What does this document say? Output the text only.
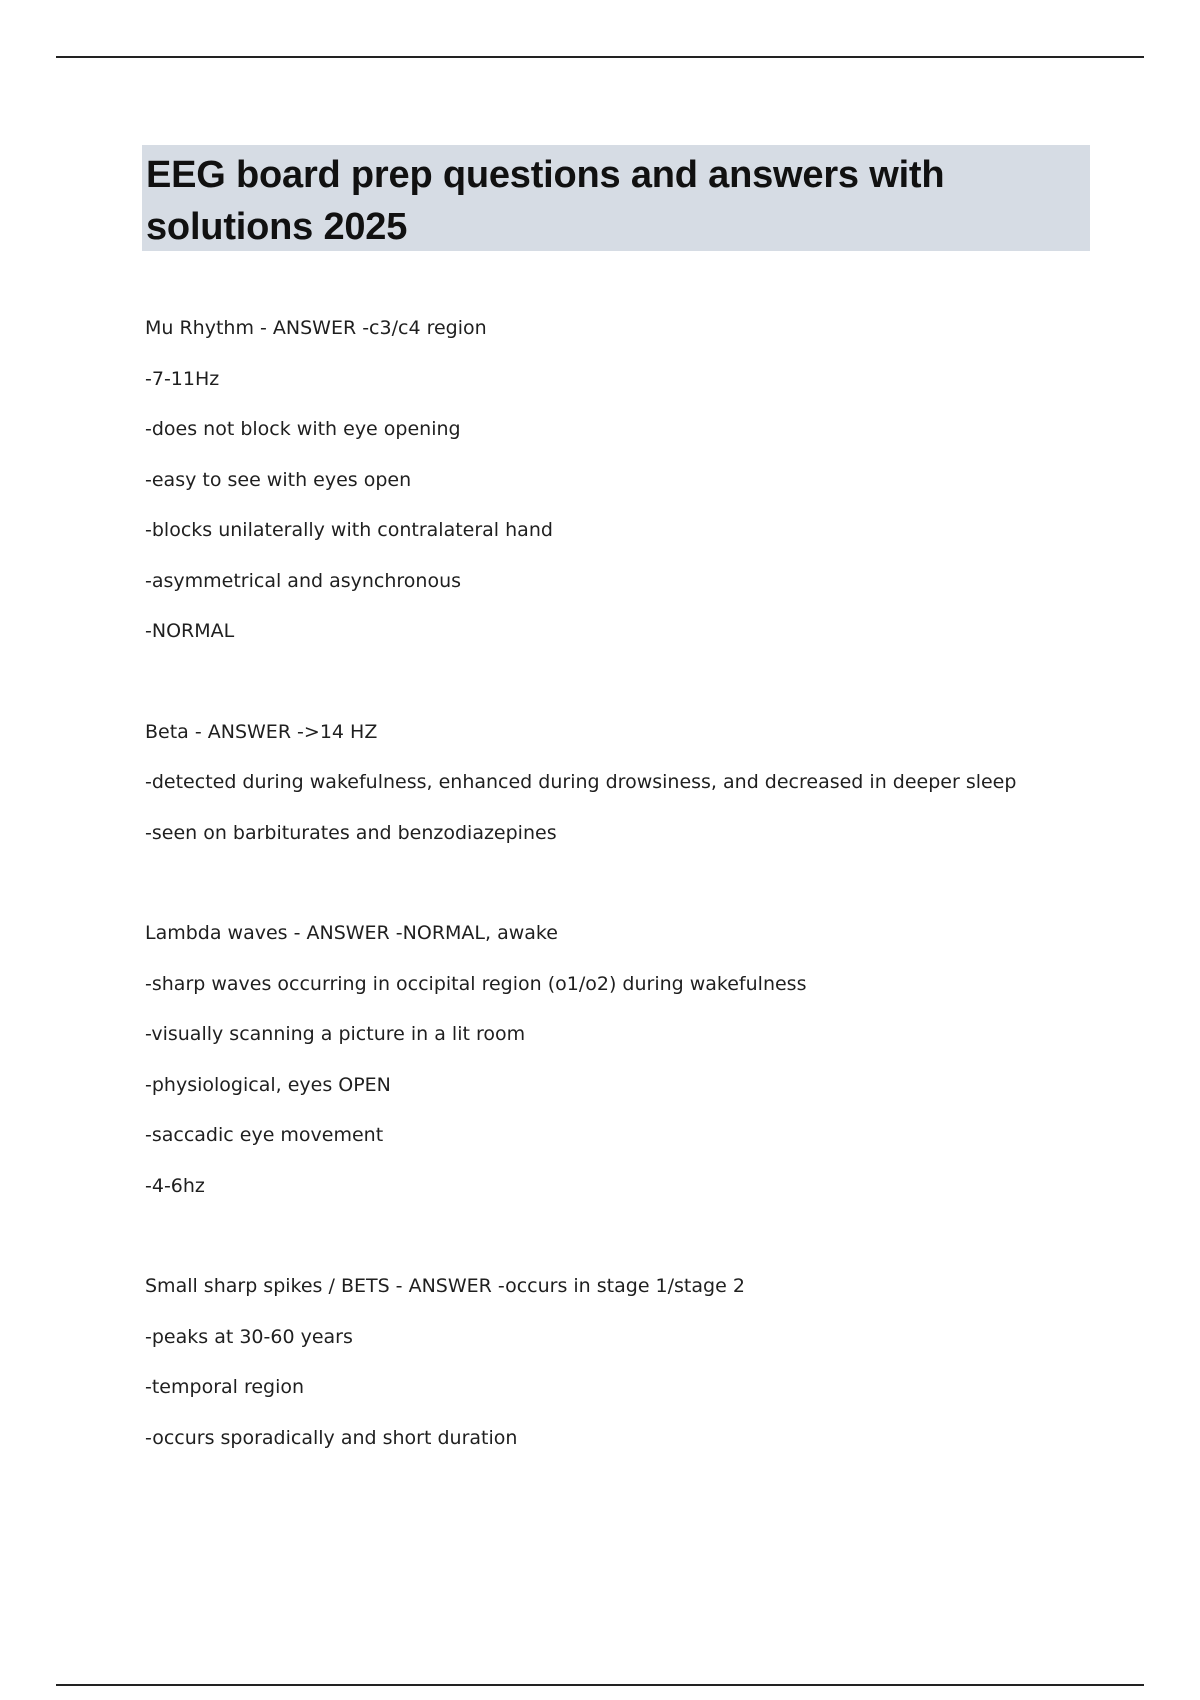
EEG board prep questions and answers with solutions 2025
Mu Rhythm - ANSWER -c3/c4 region
-7-11Hz
-does not block with eye opening
-easy to see with eyes open
-blocks unilaterally with contralateral hand
-asymmetrical and asynchronous
-NORMAL
Beta - ANSWER ->14 HZ
-detected during wakefulness, enhanced during drowsiness, and decreased in deeper sleep
-seen on barbiturates and benzodiazepines
Lambda waves - ANSWER -NORMAL, awake
-sharp waves occurring in occipital region (o1/o2) during wakefulness
-visually scanning a picture in a lit room
-physiological, eyes OPEN
-saccadic eye movement
-4-6hz
Small sharp spikes / BETS - ANSWER -occurs in stage 1/stage 2
-peaks at 30-60 years
-temporal region
-occurs sporadically and short duration
